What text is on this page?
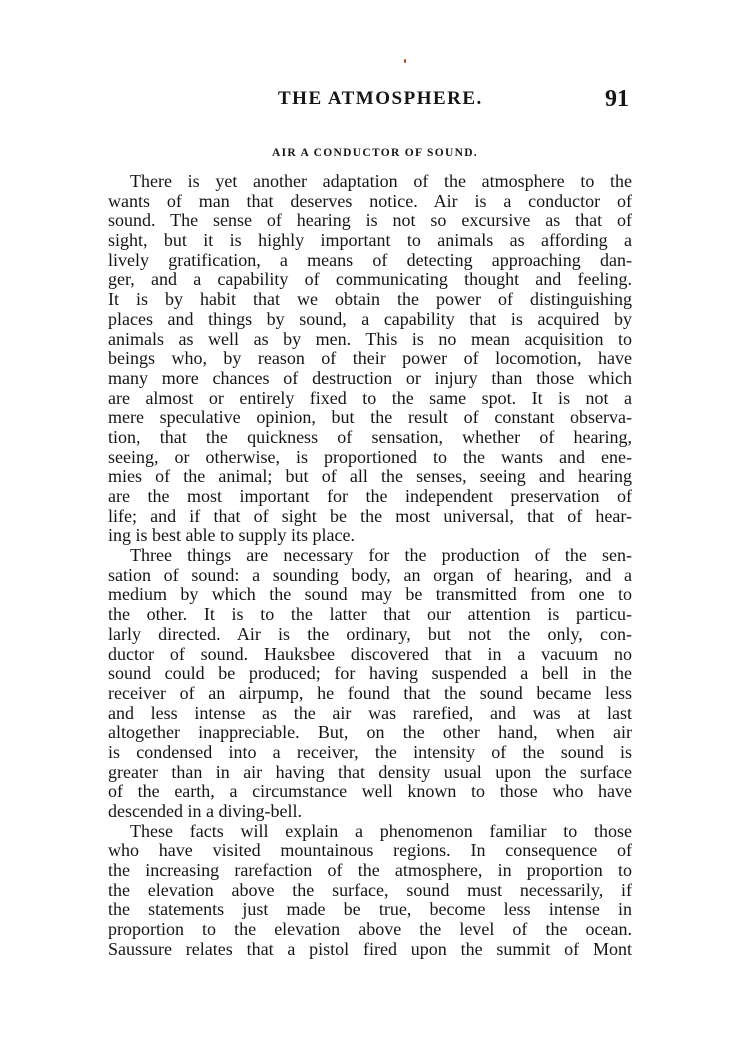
THE ATMOSPHERE.	91
AIR A CONDUCTOR OF SOUND.
There is yet another adaptation of the atmosphere to the
wants of man that deserves notice. Air is a conductor of
sound. The sense of hearing is not so excursive as that of
sight, but it is highly important to animals as affording a
lively gratification, a means of detecting approaching dan-
ger, and a capability of communicating thought and feeling.
It is by habit that we obtain the power of distinguishing
places and things by sound, a capability that is acquired by
animals as well as by men. This is no mean acquisition to
beings who, by reason of their power of locomotion, have
many more chances of destruction or injury than those which
are almost or entirely fixed to the same spot. It is not a
mere speculative opinion, but the result of constant observa-
tion, that the quickness of sensation, whether of hearing,
seeing, or otherwise, is proportioned to the wants and ene-
mies of the animal; but of all the senses, seeing and hearing
are the most important for the independent preservation of
life; and if that of sight be the most universal, that of hear-
ing is best able to supply its place.
Three things are necessary for the production of the sen-
sation of sound: a sounding body, an organ of hearing, and a
medium by which the sound may be transmitted from one to
the other. It is to the latter that our attention is particu-
larly directed. Air is the ordinary, but not the only, con-
ductor of sound. Hauksbee discovered that in a vacuum no
sound could be produced; for having suspended a bell in the
receiver of an airpump, he found that the sound became less
and less intense as the air was rarefied, and was at last
altogether inappreciable. But, on the other hand, when air
is condensed into a receiver, the intensity of the sound is
greater than in air having that density usual upon the surface
of the earth, a circumstance well known to those who have
descended in a diving-bell.
These facts will explain a phenomenon familiar to those
who have visited mountainous regions. In consequence of
the increasing rarefaction of the atmosphere, in proportion to
the elevation above the surface, sound must necessarily, if
the statements just made be true, become less intense in
proportion to the elevation above the level of the ocean.
Saussure relates that a pistol fired upon the summit of Mont
